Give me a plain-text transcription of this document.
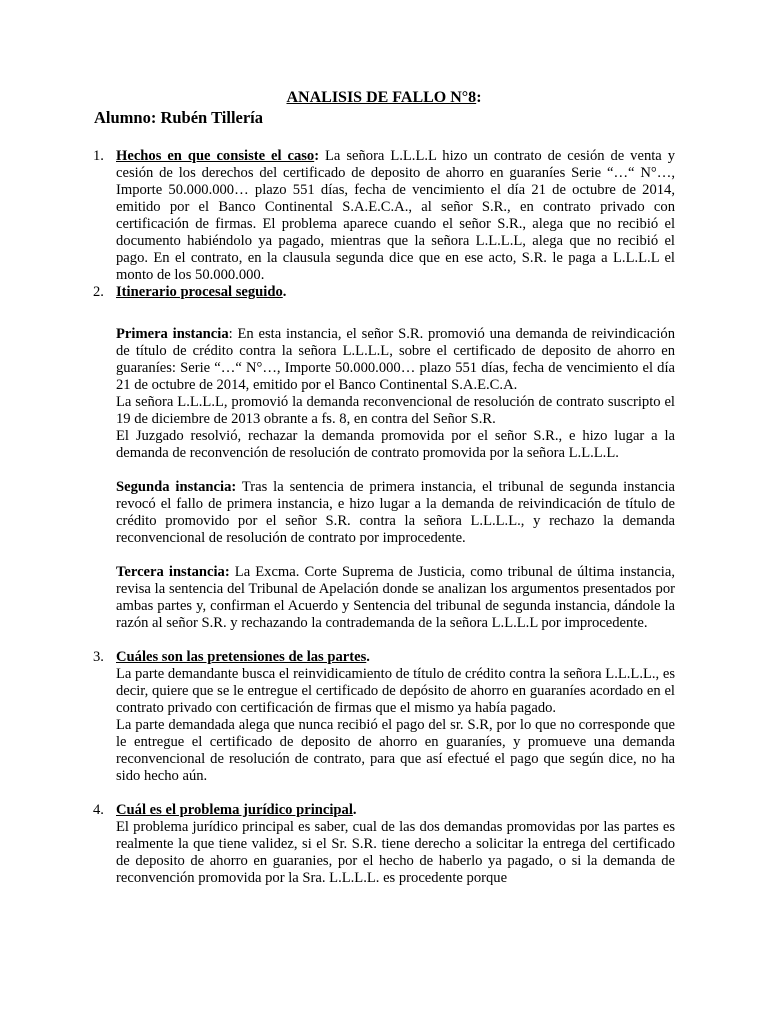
ANALISIS DE FALLO N°8:
Alumno: Rubén Tillería
1. Hechos en que consiste el caso: La señora L.L.L.L hizo un contrato de cesión de venta y cesión de los derechos del certificado de deposito de ahorro en guaraníes Serie “…“ N°…, Importe 50.000.000… plazo 551 días, fecha de vencimiento el día 21 de octubre de 2014, emitido por el Banco Continental S.A.E.C.A., al señor S.R., en contrato privado con certificación de firmas. El problema aparece cuando el señor S.R., alega que no recibió el documento habiéndolo ya pagado, mientras que la señora L.L.L.L, alega que no recibió el pago. En el contrato, en la clausula segunda dice que en ese acto, S.R. le paga a L.L.L.L el monto de los 50.000.000.

2. Itinerario procesal seguido.

Primera instancia: En esta instancia, el señor S.R. promovió una demanda de reivindicación de título de crédito contra la señora L.L.L.L, sobre el certificado de deposito de ahorro en guaraníes: Serie “…“ N°…, Importe 50.000.000… plazo 551 días, fecha de vencimiento el día 21 de octubre de 2014, emitido por el Banco Continental S.A.E.C.A.

La señora L.L.L.L, promovió la demanda reconvencional de resolución de contrato suscripto el 19 de diciembre de 2013 obrante a fs. 8, en contra del Señor S.R.

El Juzgado resolvió, rechazar la demanda promovida por el señor S.R., e hizo lugar a la demanda de reconvención de resolución de contrato promovida por la señora L.L.L.L.

Segunda instancia: Tras la sentencia de primera instancia, el tribunal de segunda instancia revocó el fallo de primera instancia, e hizo lugar a la demanda de reivindicación de título de crédito promovido por el señor S.R. contra la señora L.L.L.L., y rechazo la demanda reconvencional de resolución de contrato por improcedente.

Tercera instancia: La Excma. Corte Suprema de Justicia, como tribunal de última instancia, revisa la sentencia del Tribunal de Apelación donde se analizan los argumentos presentados por ambas partes y, confirman el Acuerdo y Sentencia del tribunal de segunda instancia, dándole la razón al señor S.R. y rechazando la contrademanda de la señora L.L.L.L por improcedente.

3. Cuáles son las pretensiones de las partes.

La parte demandante busca el reinvidicamiento de título de crédito contra la señora L.L.L.L., es decir, quiere que se le entregue el certificado de depósito de ahorro en guaraníes acordado en el contrato privado con certificación de firmas que el mismo ya había pagado.

La parte demandada alega que nunca recibió el pago del sr. S.R, por lo que no corresponde que le entregue el certificado de deposito de ahorro en guaraníes, y promueve una demanda reconvencional de resolución de contrato, para que así efectué el pago que según dice, no ha sido hecho aún.

4. Cuál es el problema jurídico principal.

El problema jurídico principal es saber, cual de las dos demandas promovidas por las partes es realmente la que tiene validez, si el Sr. S.R. tiene derecho a solicitar la entrega del certificado de deposito de ahorro en guaranies, por el hecho de haberlo ya pagado, o si la demanda de reconvención promovida por la Sra. L.L.L.L. es procedente porque
